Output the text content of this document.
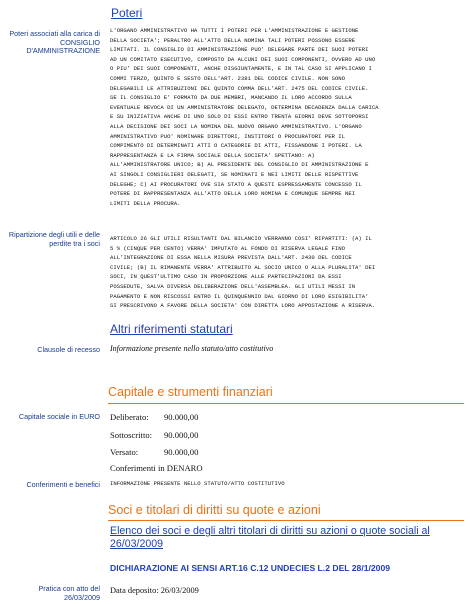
Poteri
Poteri associati alla carica di CONSIGLIO D'AMMINISTRAZIONE
L'ORGANO AMMINISTRATIVO HA TUTTI I POTERI PER L'AMMINISTRAZIONE E GESTIONE
DELLA SOCIETA'; PERALTRO ALL'ATTO DELLA NOMINA TALI POTERI POSSONO ESSERE
LIMITATI. IL CONSIGLIO DI AMMINISTRAZIONE PUO' DELEGARE PARTE DEI SUOI POTERI
AD UN COMITATO ESECUTIVO, COMPOSTO DA ALCUNI DEI SUOI COMPONENTI, OVVERO AD UNO
O PIU' DEI SUOI COMPONENTI, ANCHE DISGIUNTAMENTE, E IN TAL CASO SI APPLICANO I
COMMI TERZO, QUINTO E SESTO DELL'ART. 2381 DEL CODICE CIVILE. NON SONO
DELEGABILI LE ATTRIBUZIONI DEL QUINTO COMMA DELL'ART. 2475 DEL CODICE CIVILE.
SE IL CONSIGLIO E' FORMATO DA DUE MEMBRI, MANCANDO IL LORO ACCORDO SULLA
EVENTUALE REVOCA DI UN AMMINISTRATORE DELEGATO, DETERMINA DECADENZA DALLA CARICA
E SU INIZIATIVA ANCHE DI UNO SOLO DI ESSI ENTRO TRENTA GIORNI DEVE SOTTOPORSI
ALLA DECISIONE DEI SOCI LA NOMINA DEL NUOVO ORGANO AMMINISTRATIVO. L'ORGANO
AMMINISTRATIVO PUO' NOMINARE DIRETTORI, INSTITORI O PROCURATORI PER IL
COMPIMENTO DI DETERMINATI ATTI O CATEGORIE DI ATTI, FISSANDONE I POTERI. LA
RAPPRESENTANZA E LA FIRMA SOCIALE DELLA SOCIETA' SPETTANO: A)
ALL'AMMINISTRATORE UNICO; B) AL PRESIDENTE DEL CONSIGLIO DI AMMINISTRAZIONE E
AI SINGOLI CONSIGLIERI DELEGATI, SE NOMINATI E NEI LIMITI DELLE RISPETTIVE
DELEGHE; C) AI PROCURATORI OVE SIA STATO A QUESTI ESPRESSAMENTE CONCESSO IL
POTERE DI RAPPRESENTANZA ALL'ATTO DELLA LORO NOMINA E COMUNQUE SEMPRE NEI
LIMITI DELLA PROCURA.
Ripartizione degli utili e delle perdite tra i soci ARTICOLO 26 GLI UTILI RISULTANTI DAL BILANCIO VERRANNO COSI' RIPARTITI: (A) IL
5 % (CINQUE PER CENTO) VERRA' IMPUTATO AL FONDO DI RISERVA LEGALE FINO
ALL'INTEGRAZIONE DI ESSA NELLA MISURA PREVISTA DALL'ART. 2430 DEL CODICE
CIVILE; (B) IL RIMANENTE VERRA' ATTRIBUITO AL SOCIO UNICO O ALLA PLURALITA' DEI
SOCI, IN QUEST'ULTIMO CASO IN PROPORZIONE ALLE PARTECIPAZIONI DA ESSI
POSSEDUTE, SALVA DIVERSA DELIBERAZIONE DELL'ASSEMBLEA. GLI UTILI MESSI IN
PAGAMENTO E NON RISCOSSI ENTRO IL QUINQUENNIO DAL GIORNO DI LORO ESIGIBILITA'
SI PRESCRIVONO A FAVORE DELLA SOCIETA' CON DIRETTA LORO APPOSTAZIONE A RISERVA.
Altri riferimenti statutari
Clausole di recesso Informazione presente nello statuto/atto costitutivo
Capitale e strumenti finanziari
Capitale sociale in EURO Deliberato: 90.000,00
Sottoscritto: 90.000,00
Versato:	90.000,00
Conferimenti in DENARO
Conferimenti e benefici INFORMAZIONE PRESENTE NELLO STATUTO/ATTO COSTITUTIVO
Soci e titolari di diritti su quote e azioni
Elenco dei soci e degli altri titolari di diritti su azioni o quote sociali al 26/03/2009
DICHIARAZIONE AI SENSI ART.16 C.12 UNDECIES L.2 DEL 28/1/2009
Pratica con atto del 26/03/2009
Data deposito: 26/03/2009
